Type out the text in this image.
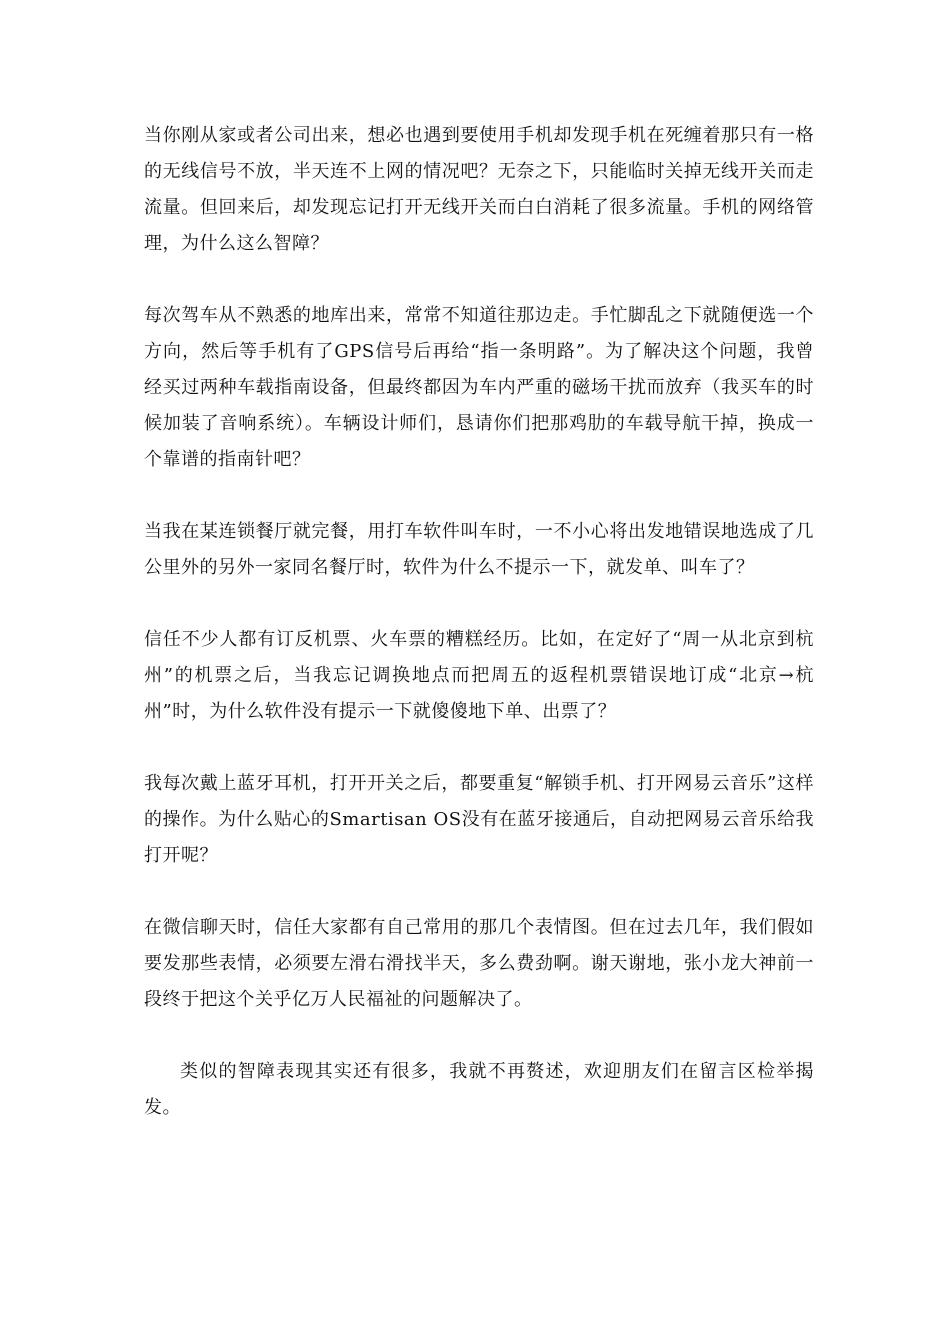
当你刚从家或者公司出来，想必也遇到要使用手机却发现手机在死缠着那只有一格的无线信号不放，半天连不上网的情况吧？无奈之下，只能临时关掉无线开关而走流量。但回来后，却发现忘记打开无线开关而白白消耗了很多流量。手机的网络管理，为什么这么智障？

每次驾车从不熟悉的地库出来，常常不知道往那边走。手忙脚乱之下就随便选一个方向，然后等手机有了GPS信号后再给“指一条明路”。为了解决这个问题，我曾经买过两种车载指南设备，但最终都因为车内严重的磁场干扰而放弃（我买车的时候加装了音响系统）。车辆设计师们，恳请你们把那鸡肋的车载导航干掉，换成一个靠谱的指南针吧？

当我在某连锁餐厅就完餐，用打车软件叫车时，一不小心将出发地错误地选成了几公里外的另外一家同名餐厅时，软件为什么不提示一下，就发单、叫车了？

信任不少人都有订反机票、火车票的糟糕经历。比如，在定好了“周一从北京到杭州”的机票之后，当我忘记调换地点而把周五的返程机票错误地订成“北京→杭州”时，为什么软件没有提示一下就傻傻地下单、出票了？

我每次戴上蓝牙耳机，打开开关之后，都要重复“解锁手机、打开网易云音乐”这样的操作。为什么贴心的Smartisan OS没有在蓝牙接通后，自动把网易云音乐给我打开呢？

在微信聊天时，信任大家都有自己常用的那几个表情图。但在过去几年，我们假如要发那些表情，必须要左滑右滑找半天，多么费劲啊。谢天谢地，张小龙大神前一段终于把这个关乎亿万人民福祉的问题解决了。

类似的智障表现其实还有很多，我就不再赘述，欢迎朋友们在留言区检举揭发。
